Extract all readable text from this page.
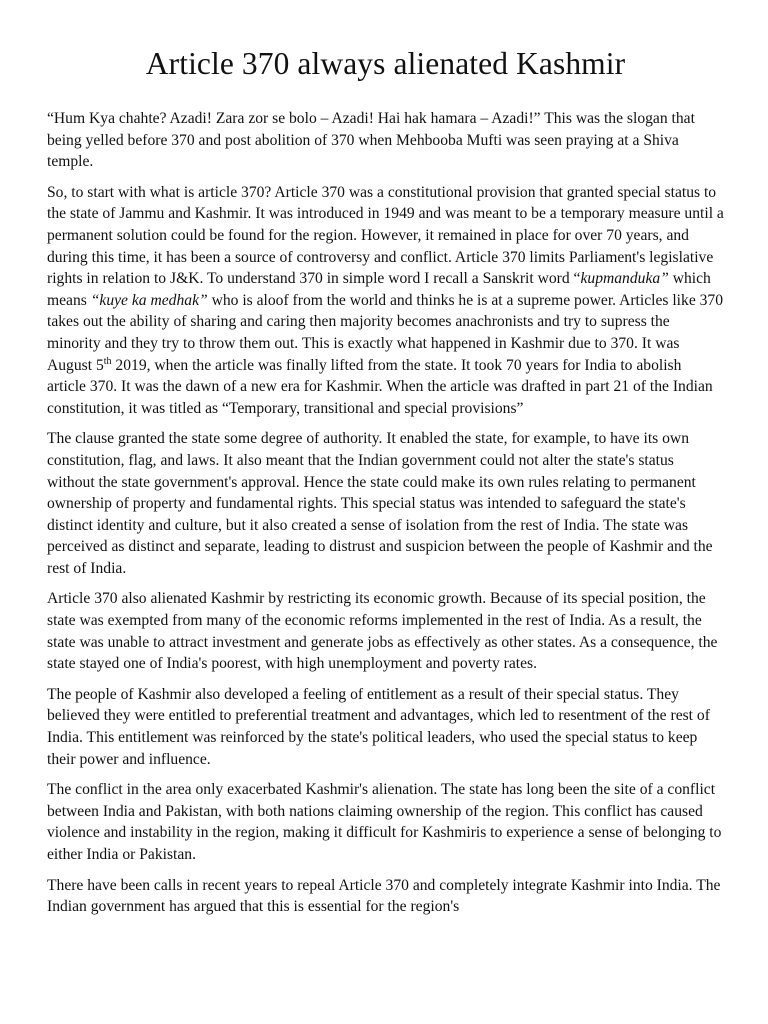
Article 370 always alienated Kashmir

“Hum Kya chahte? Azadi! Zara zor se bolo – Azadi! Hai hak hamara – Azadi!” This was the slogan that being yelled before 370 and post abolition of 370 when Mehbooba Mufti was seen praying at a Shiva temple.

So, to start with what is article 370? Article 370 was a constitutional provision that granted special status to the state of Jammu and Kashmir. It was introduced in 1949 and was meant to be a temporary measure until a permanent solution could be found for the region. However, it remained in place for over 70 years, and during this time, it has been a source of controversy and conflict. Article 370 limits Parliament's legislative rights in relation to J&K. To understand 370 in simple word I recall a Sanskrit word “kupmanduka” which means “kuye ka medhak” who is aloof from the world and thinks he is at a supreme power. Articles like 370 takes out the ability of sharing and caring then majority becomes anachronists and try to supress the minority and they try to throw them out. This is exactly what happened in Kashmir due to 370. It was August 5th 2019, when the article was finally lifted from the state. It took 70 years for India to abolish article 370. It was the dawn of a new era for Kashmir. When the article was drafted in part 21 of the Indian constitution, it was titled as “Temporary, transitional and special provisions”

The clause granted the state some degree of authority. It enabled the state, for example, to have its own constitution, flag, and laws. It also meant that the Indian government could not alter the state's status without the state government's approval. Hence the state could make its own rules relating to permanent ownership of property and fundamental rights. This special status was intended to safeguard the state's distinct identity and culture, but it also created a sense of isolation from the rest of India. The state was perceived as distinct and separate, leading to distrust and suspicion between the people of Kashmir and the rest of India.

Article 370 also alienated Kashmir by restricting its economic growth. Because of its special position, the state was exempted from many of the economic reforms implemented in the rest of India. As a result, the state was unable to attract investment and generate jobs as effectively as other states. As a consequence, the state stayed one of India's poorest, with high unemployment and poverty rates.

The people of Kashmir also developed a feeling of entitlement as a result of their special status. They believed they were entitled to preferential treatment and advantages, which led to resentment of the rest of India. This entitlement was reinforced by the state's political leaders, who used the special status to keep their power and influence.

The conflict in the area only exacerbated Kashmir's alienation. The state has long been the site of a conflict between India and Pakistan, with both nations claiming ownership of the region. This conflict has caused violence and instability in the region, making it difficult for Kashmiris to experience a sense of belonging to either India or Pakistan.

There have been calls in recent years to repeal Article 370 and completely integrate Kashmir into India. The Indian government has argued that this is essential for the region's
